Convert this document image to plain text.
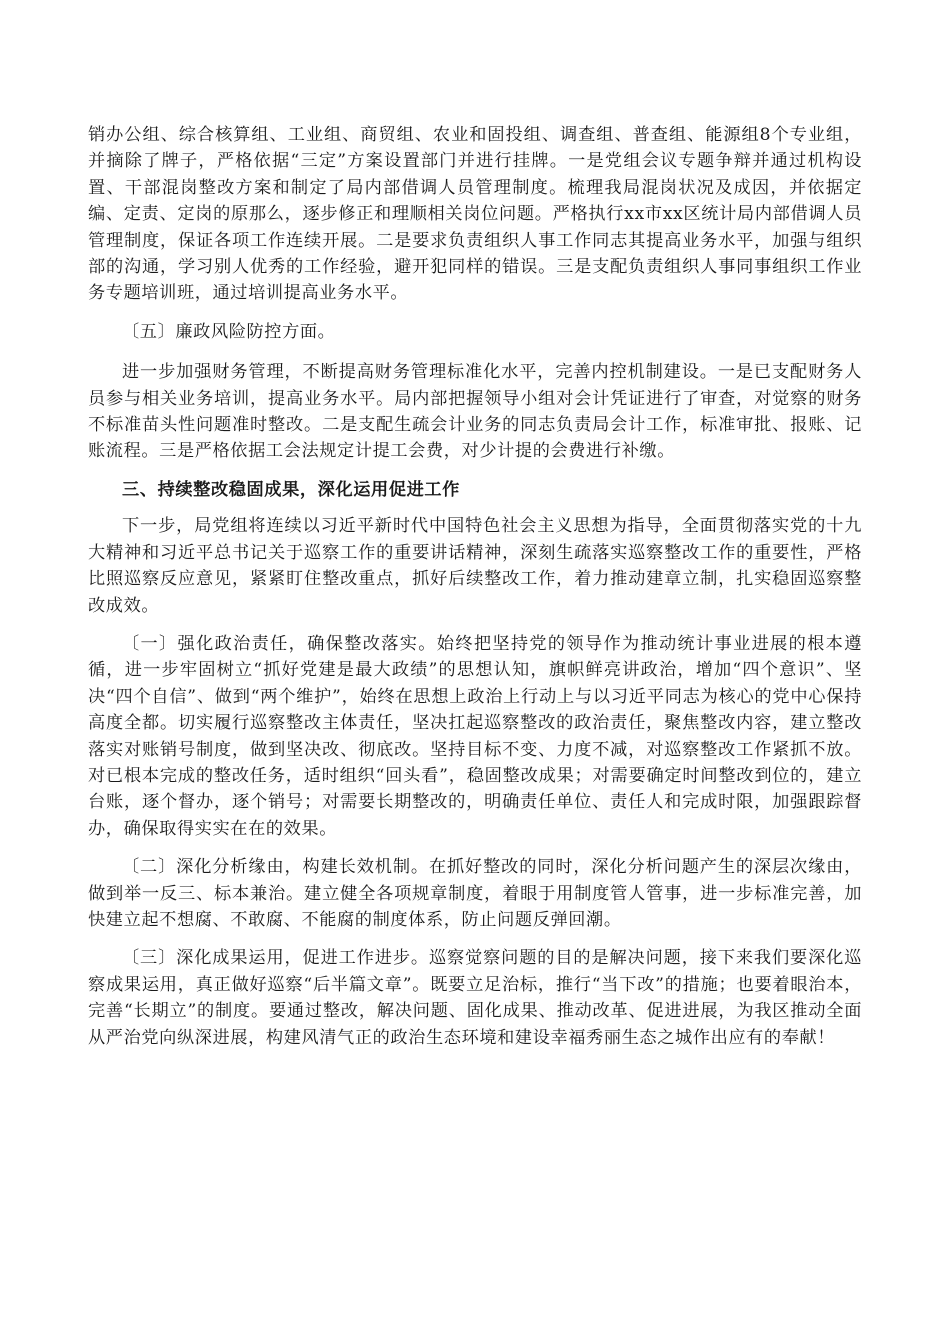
销办公组、综合核算组、工业组、商贸组、农业和固投组、调查组、普查组、能源组8个专业组，并摘除了牌子，严格依据“三定”方案设置部门并进行挂牌。一是党组会议专题争辩并通过机构设置、干部混岗整改方案和制定了局内部借调人员管理制度。梳理我局混岗状况及成因，并依据定编、定责、定岗的原那么，逐步修正和理顺相关岗位问题。严格执行xx市xx区统计局内部借调人员管理制度，保证各项工作连续开展。二是要求负责组织人事工作同志其提高业务水平，加强与组织部的沟通，学习别人优秀的工作经验，避开犯同样的错误。三是支配负责组织人事同事组织工作业务专题培训班，通过培训提高业务水平。

〔五〕廉政风险防控方面。

进一步加强财务管理，不断提高财务管理标准化水平，完善内控机制建设。一是已支配财务人员参与相关业务培训，提高业务水平。局内部把握领导小组对会计凭证进行了审查，对觉察的财务不标准苗头性问题准时整改。二是支配生疏会计业务的同志负责局会计工作，标准审批、报账、记账流程。三是严格依据工会法规定计提工会费，对少计提的会费进行补缴。

三、持续整改稳固成果，深化运用促进工作

下一步，局党组将连续以习近平新时代中国特色社会主义思想为指导，全面贯彻落实党的十九大精神和习近平总书记关于巡察工作的重要讲话精神，深刻生疏落实巡察整改工作的重要性，严格比照巡察反应意见，紧紧盯住整改重点，抓好后续整改工作，着力推动建章立制，扎实稳固巡察整改成效。

〔一〕强化政治责任，确保整改落实。始终把坚持党的领导作为推动统计事业进展的根本遵循，进一步牢固树立“抓好党建是最大政绩”的思想认知，旗帜鲜亮讲政治，增加“四个意识”、坚决“四个自信”、做到“两个维护”，始终在思想上政治上行动上与以习近平同志为核心的党中心保持高度全都。切实履行巡察整改主体责任，坚决扛起巡察整改的政治责任，聚焦整改内容，建立整改落实对账销号制度，做到坚决改、彻底改。坚持目标不变、力度不减，对巡察整改工作紧抓不放。对已根本完成的整改任务，适时组织“回头看”，稳固整改成果；对需要确定时间整改到位的，建立台账，逐个督办，逐个销号；对需要长期整改的，明确责任单位、责任人和完成时限，加强跟踪督办，确保取得实实在在的效果。

〔二〕深化分析缘由，构建长效机制。在抓好整改的同时，深化分析问题产生的深层次缘由，做到举一反三、标本兼治。建立健全各项规章制度，着眼于用制度管人管事，进一步标准完善，加快建立起不想腐、不敢腐、不能腐的制度体系，防止问题反弹回潮。

〔三〕深化成果运用，促进工作进步。巡察觉察问题的目的是解决问题，接下来我们要深化巡察成果运用，真正做好巡察“后半篇文章”。既要立足治标，推行“当下改”的措施；也要着眼治本，完善“长期立”的制度。要通过整改，解决问题、固化成果、推动改革、促进进展，为我区推动全面从严治党向纵深进展，构建风清气正的政治生态环境和建设幸福秀丽生态之城作出应有的奉献！
